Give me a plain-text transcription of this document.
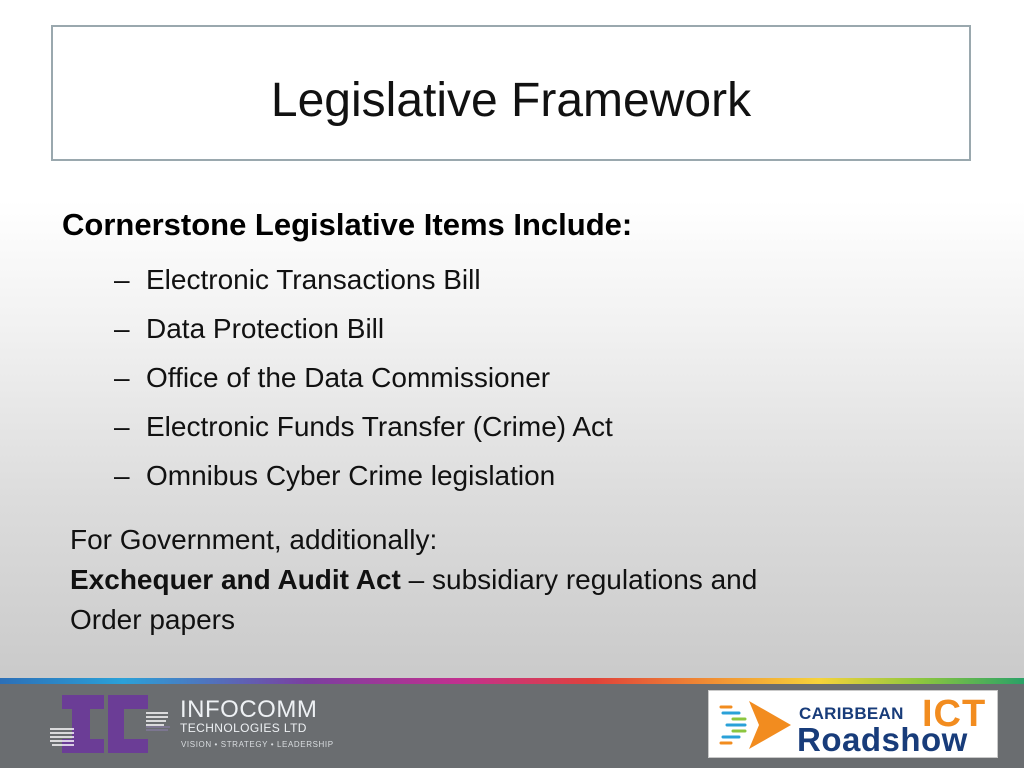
Legislative Framework
Cornerstone Legislative Items Include:
– Electronic Transactions Bill
– Data Protection Bill
– Office of the Data Commissioner
– Electronic Funds Transfer (Crime) Act
– Omnibus Cyber Crime legislation
For Government, additionally:
Exchequer and Audit Act – subsidiary regulations and
Order papers
INFOCOMM
TECHNOLOGIES LTD
VISION • STRATEGY • LEADERSHIP
CARIBBEAN ICT
Roadshow
